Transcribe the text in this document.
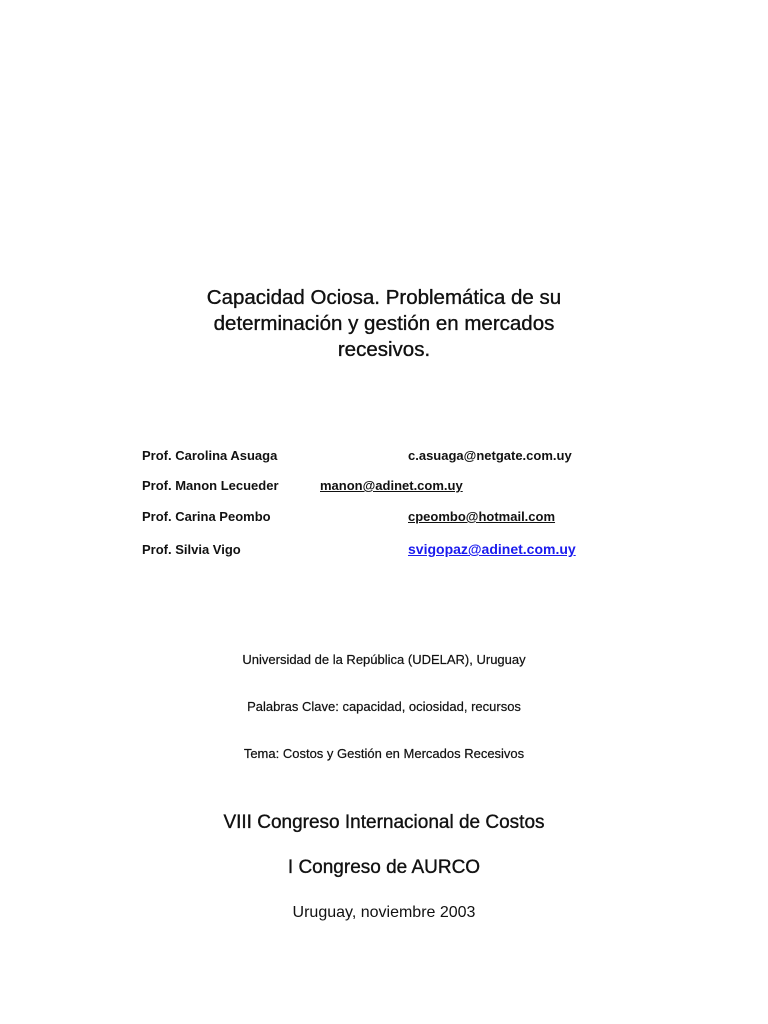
Capacidad Ociosa. Problemática de su
determinación y gestión en mercados
recesivos.
Prof. Carolina Asuaga	c.asuaga@netgate.com.uy
Prof. Manon Lecueder	manon@adinet.com.uy
Prof. Carina Peombo	cpeombo@hotmail.com
Prof. Silvia Vigo	svigopaz@adinet.com.uy
Universidad de la República (UDELAR), Uruguay
Palabras Clave: capacidad, ociosidad, recursos
Tema: Costos y Gestión en Mercados Recesivos
VIII Congreso Internacional de Costos
I Congreso de AURCO
Uruguay, noviembre 2003
